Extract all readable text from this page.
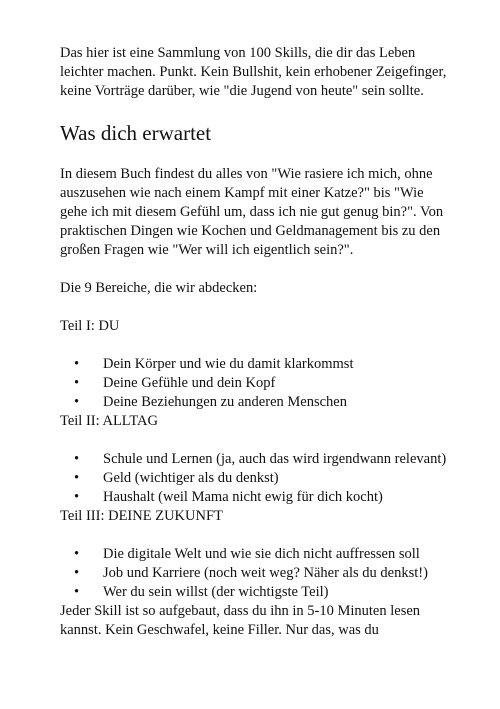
Das hier ist eine Sammlung von 100 Skills, die dir das Leben leichter machen. Punkt. Kein Bullshit, kein erhobener Zeigefinger, keine Vorträge darüber, wie "die Jugend von heute" sein sollte.

Was dich erwartet

In diesem Buch findest du alles von "Wie rasiere ich mich, ohne auszusehen wie nach einem Kampf mit einer Katze?" bis "Wie gehe ich mit diesem Gefühl um, dass ich nie gut genug bin?". Von praktischen Dingen wie Kochen und Geldmanagement bis zu den großen Fragen wie "Wer will ich eigentlich sein?".

Die 9 Bereiche, die wir abdecken:

Teil I: DU

• Dein Körper und wie du damit klarkommst
• Deine Gefühle und dein Kopf
• Deine Beziehungen zu anderen Menschen

Teil II: ALLTAG

• Schule und Lernen (ja, auch das wird irgendwann relevant)
• Geld (wichtiger als du denkst)
• Haushalt (weil Mama nicht ewig für dich kocht)

Teil III: DEINE ZUKUNFT

• Die digitale Welt und wie sie dich nicht auffressen soll
• Job und Karriere (noch weit weg? Näher als du denkst!)
• Wer du sein willst (der wichtigste Teil)

Jeder Skill ist so aufgebaut, dass du ihn in 5-10 Minuten lesen kannst. Kein Geschwafel, keine Filler. Nur das, was du
